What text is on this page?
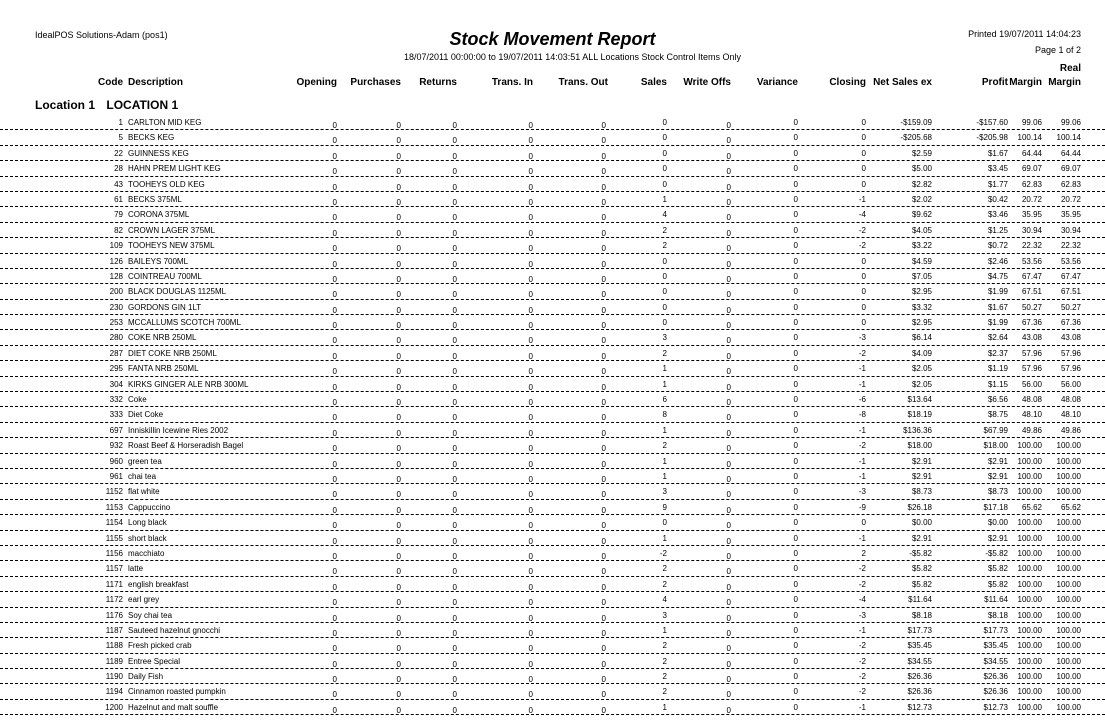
IdealPOS Solutions-Adam (pos1)	Stock Movement Report
18/07/2011 00:00:00 to 19/07/2011 14:03:51 ALL Locations Stock Control Items Only
Printed 19/07/2011 14:04:23
Page 1 of 2
Code Description	Opening Purchases Returns	Trans. In	Trans. Out	Sales Write Offs	Variance	Closing Net Sales ex	Profit Margin
Real
Margin
Location 1 LOCATION 1
1 CARLTON MID KEG	0	0	0	0	0	0	0	0	0	-$159.09	-$157.60 99.06 99.06
5 BECKS KEG	0	0	0	0	0	0	0	0	0	-$205.68	-$205.98 100.14 100.14
22 GUINNESS KEG	0	0	0	0	0	0	0	0	0	$2.59	$1.67 64.44 64.44
28 HAHN PREM LIGHT KEG	0	0	0	0	0	0	0	0	0	$5.00	$3.45 69.07 69.07
43 TOOHEYS OLD KEG	0	0	0	0	0	0	0	0	0	$2.82	$1.77 62.83 62.83
61 BECKS 375ML	0	0	0	0	0	1	0	0	-1	$2.02	$0.42 20.72 20.72
79 CORONA 375ML	0	0	0	0	0	4	0	0	-4	$9.62	$3.46 35.95 35.95
82 CROWN LAGER 375ML	0	0	0	0	0	2	0	0	-2	$4.05	$1.25 30.94 30.94
109 TOOHEYS NEW 375ML	0	0	0	0	0	2	0	0	-2	$3.22	$0.72 22.32 22.32
126 BAILEYS 700ML	0	0	0	0	0	0	0	0	0	$4.59	$2.46 53.56 53.56
128 COINTREAU 700ML	0	0	0	0	0	0	0	0	0	$7.05	$4.75 67.47 67.47
200 BLACK DOUGLAS 1125ML	0	0	0	0	0	0	0	0	0	$2.95	$1.99 67.51 67.51
230 GORDONS GIN 1LT	0	0	0	0	0	0	0	0	0	$3.32	$1.67 50.27 50.27
253 MCCALLUMS SCOTCH 700ML	0	0	0	0	0	0	0	0	0	$2.95	$1.99 67.36 67.36
280 COKE NRB 250ML	0	0	0	0	0	3	0	0	-3	$6.14	$2.64 43.08 43.08
287 DIET COKE NRB 250ML	0	0	0	0	0	2	0	0	-2	$4.09	$2.37 57.96 57.96
295 FANTA NRB 250ML	0	0	0	0	0	1	0	0	-1	$2.05	$1.19 57.96 57.96
304 KIRKS GINGER ALE NRB 300ML	0	0	0	0	0	1	0	0	-1	$2.05	$1.15 56.00 56.00
332 Coke	0	0	0	0	0	6	0	0	-6	$13.64	$6.56 48.08 48.08
333 Diet Coke	0	0	0	0	0	8	0	0	-8	$18.19	$8.75 48.10 48.10
697 Inniskillin Icewine Ries 2002	0	0	0	0	0	1	0	0	-1	$136.36	$67.99 49.86 49.86
932 Roast Beef & Horseradish Bagel	0	0	0	0	0	2	0	0	-2	$18.00	$18.00 100.00 100.00
960 green tea	0	0	0	0	0	1	0	0	-1	$2.91	$2.91 100.00 100.00
961 chai tea	0	0	0	0	0	1	0	0	-1	$2.91	$2.91 100.00 100.00
1152 flat white	0	0	0	0	0	3	0	0	-3	$8.73	$8.73 100.00 100.00
1153 Cappuccino	0	0	0	0	0	9	0	0	-9	$26.18	$17.18 65.62 65.62
1154 Long black	0	0	0	0	0	0	0	0	0	$0.00	$0.00 100.00 100.00
1155 short black	0	0	0	0	0	1	0	0	-1	$2.91	$2.91 100.00 100.00
1156 macchiato	0	0	0	0	0	-2	0	0	2	-$5.82	-$5.82 100.00 100.00
1157 latte	0	0	0	0	0	2	0	0	-2	$5.82	$5.82 100.00 100.00
1171 english breakfast	0	0	0	0	0	2	0	0	-2	$5.82	$5.82 100.00 100.00
1172 earl grey	0	0	0	0	0	4	0	0	-4	$11.64	$11.64 100.00 100.00
1176 Soy chai tea	0	0	0	0	0	3	0	0	-3	$8.18	$8.18 100.00 100.00
1187 Sauteed hazelnut gnocchi	0	0	0	0	0	1	0	0	-1	$17.73	$17.73 100.00 100.00
1188 Fresh picked crab	0	0	0	0	0	2	0	0	-2	$35.45	$35.45 100.00 100.00
1189 Entree Special	0	0	0	0	0	2	0	0	-2	$34.55	$34.55 100.00 100.00
1190 Daily Fish	0	0	0	0	0	2	0	0	-2	$26.36	$26.36 100.00 100.00
1194 Cinnamon roasted pumpkin	0	0	0	0	0	2	0	0	-2	$26.36	$26.36 100.00 100.00
1200 Hazelnut and malt souffle	0	0	0	0	0	1	0	0	-1	$12.73	$12.73 100.00 100.00
